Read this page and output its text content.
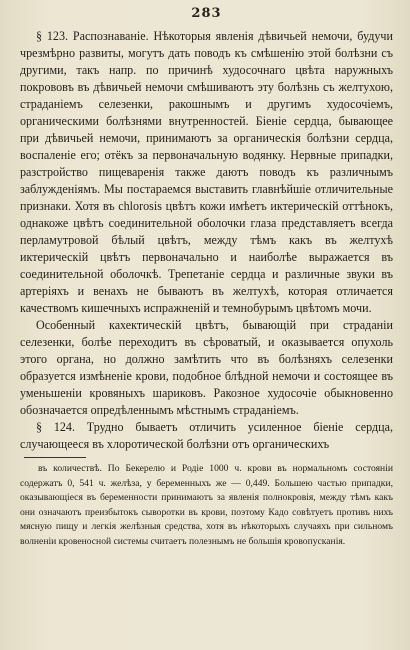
283

§ 123. Распознаванiе. Нѣкоторыя явленiя дѣвичьей немочи, будучи чрезмѣрно развиты, могутъ дать поводъ къ смѣшенiю этой болѣзни съ другими, такъ напр. по причинѣ худосочнаго цвѣта наружныхъ покрововъ въ дѣвичьей немочи смѣшиваютъ эту болѣзнь съ желтухою, страданiемъ селезенки, ракошнымъ и другимъ худосочiемъ, органическими болѣзнями внутренностей. Бiенiе сердца, бывающее при дѣвичьей немочи, принимаютъ за органическiя болѣзни сердца, воспаленiе его; отёкъ за первоначальную водянку. Нервные припадки, разстройство пищеваренiя также даютъ поводъ къ различнымъ заблужденiямъ. Мы постараемся выставить главнѣйшiе отличительные признаки. Хотя въ chlorosis цвѣтъ кожи имѣетъ иктерическiй оттѣнокъ, однакоже цвѣтъ соединительной оболочки глаза представляетъ всегда перламутровой бѣлый цвѣтъ, между тѣмъ какъ въ желтухѣ иктерическiй цвѣтъ первоначально и наиболѣе выражается въ соединительной оболочкѣ. Трепетанiе сердца и различные звуки въ артерiяхъ и венахъ не бываютъ въ желтухѣ, которая отличается качествомъ кишечныхъ испражненiй и темнобурымъ цвѣтомъ мочи.

Особенный кахектическiй цвѣтъ, бывающiй при страданiи селезенки, болѣе переходитъ въ сѣроватый, и оказывается опухоль этого органа, но должно замѣтить что въ болѣзняхъ селезенки образуется измѣненiе крови, подобное блѣдной немочи и состоящее въ уменьшенiи кровяныхъ шариковъ. Ракозное худосочiе обыкновенно обозначается опредѣленнымъ мѣстнымъ страданiемъ.

§ 124. Трудно бываетъ отличить усиленное бiенiе сердца, случающееся въ хлоротической болѣзни отъ органическихъ

въ количествѣ. По Бекерелю и Родiе 1000 ч. крови въ нормальномъ состоянiи содержатъ 0, 541 ч. желѣза, у беременныхъ же — 0,449. Большею частью припадки, оказывающiеся въ беременности принимаютъ за явленiя полнокровiя, между тѣмъ какъ они означаютъ преизбытокъ сыворотки въ крови, поэтому Кадо совѣтуетъ противъ нихъ мясную пищу и легкiя желѣзныя средства, хотя въ нѣкоторыхъ случаяхъ при сильномъ волненiи кровеносной системы считаетъ полезнымъ не большiя кровопусканiя.
